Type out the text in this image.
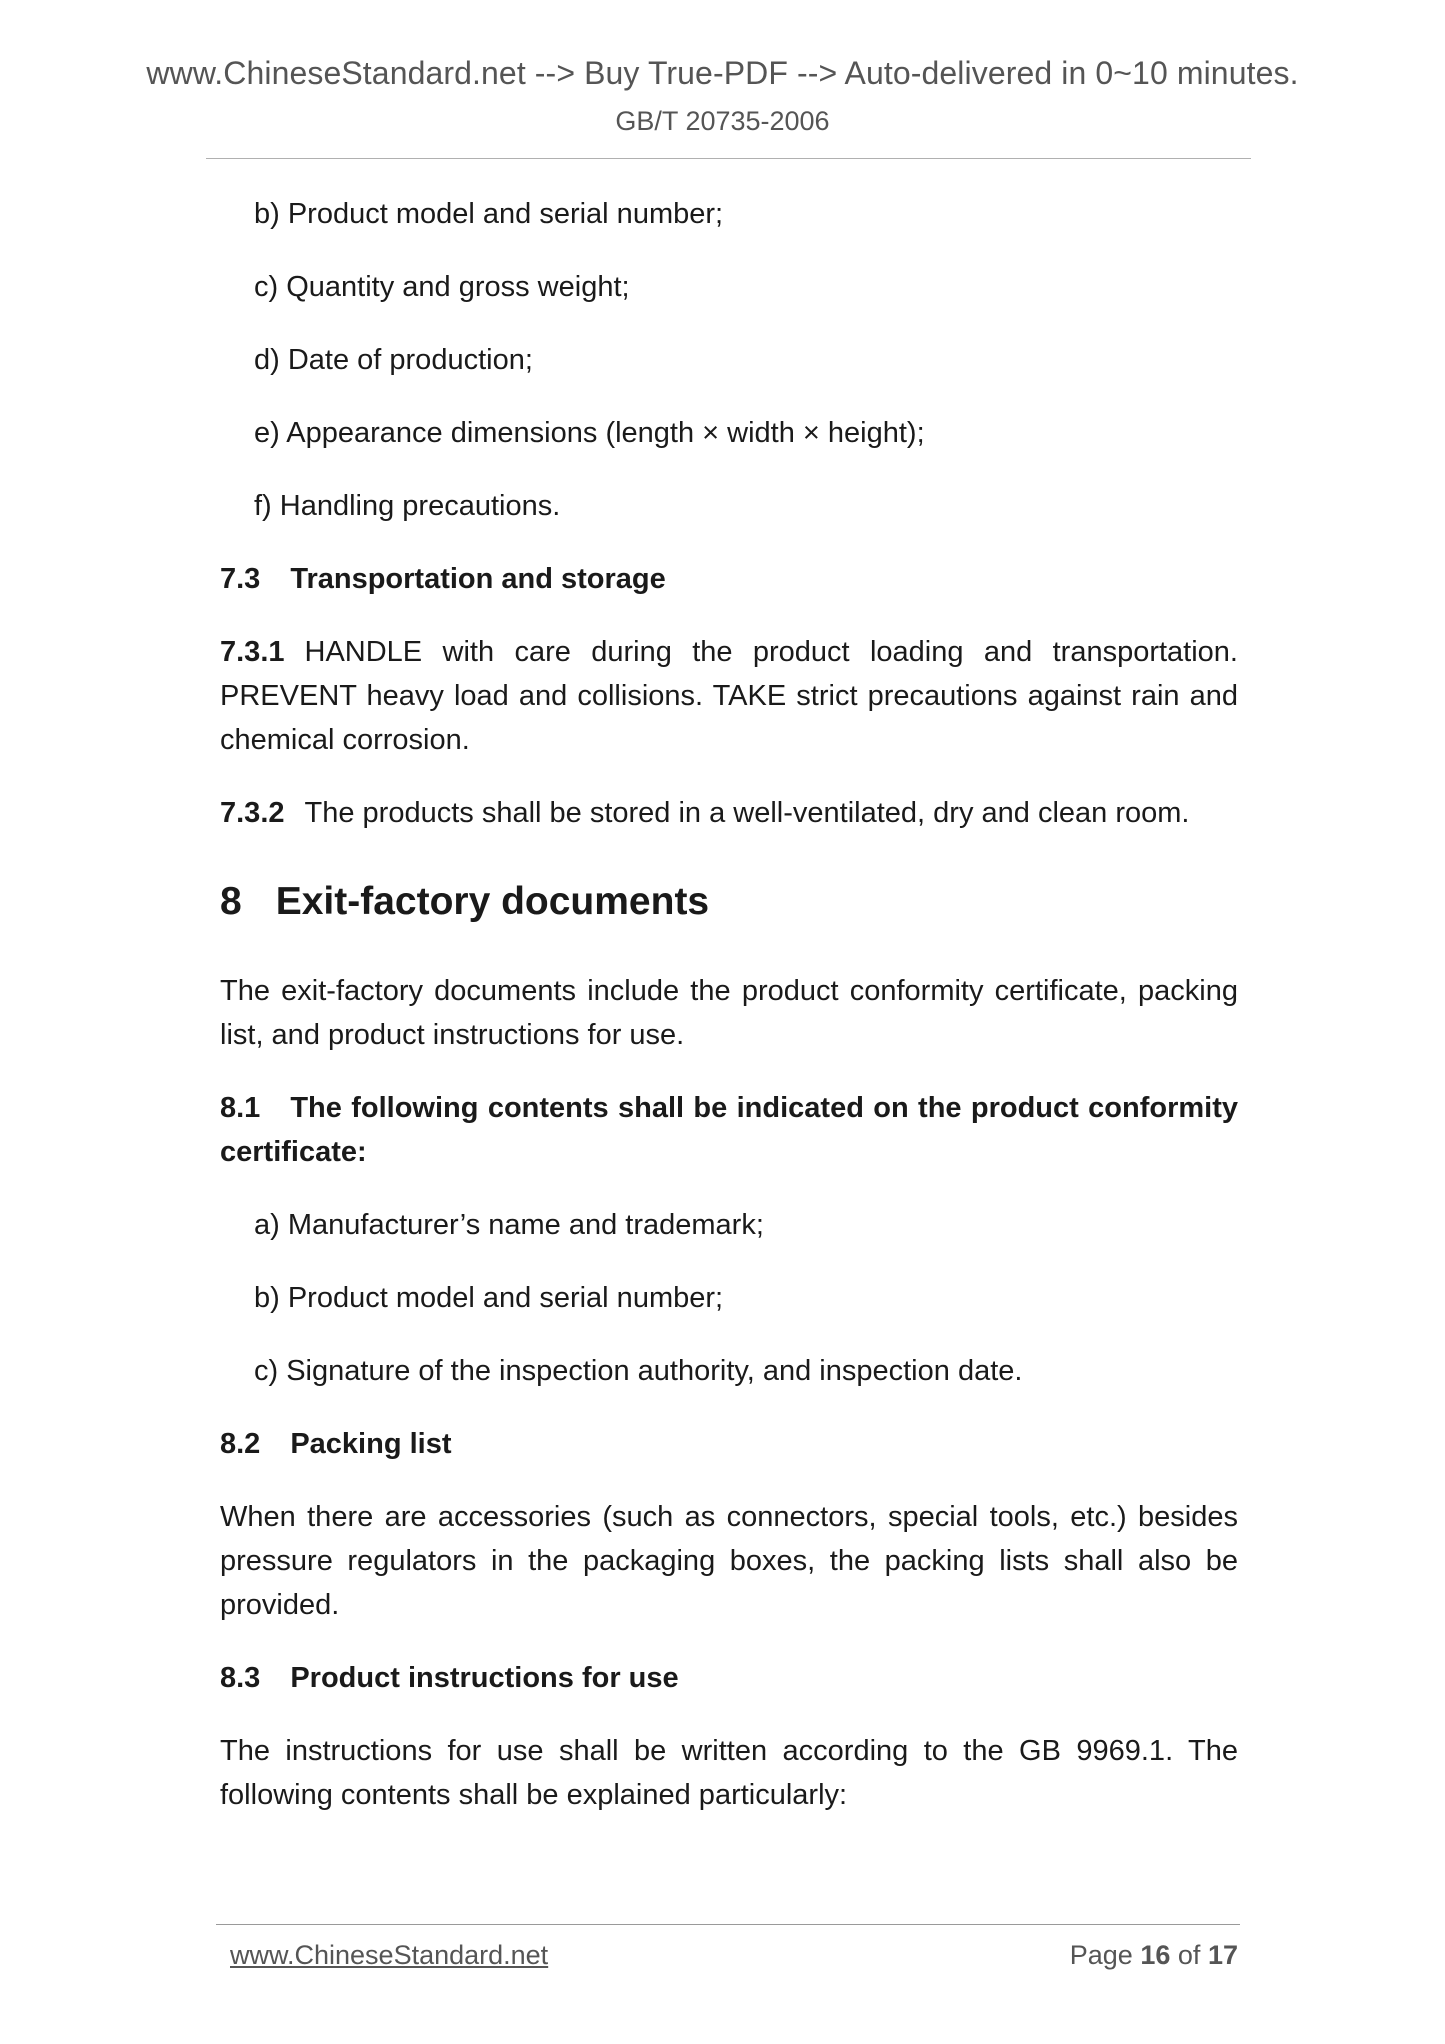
www.ChineseStandard.net --> Buy True-PDF --> Auto-delivered in 0~10 minutes.
GB/T 20735-2006
b) Product model and serial number;
c) Quantity and gross weight;
d) Date of production;
e) Appearance dimensions (length × width × height);
f) Handling precautions.
7.3 Transportation and storage
7.3.1 HANDLE with care during the product loading and transportation. PREVENT heavy load and collisions. TAKE strict precautions against rain and chemical corrosion.
7.3.2 The products shall be stored in a well-ventilated, dry and clean room.
8 Exit-factory documents
The exit-factory documents include the product conformity certificate, packing list, and product instructions for use.
8.1 The following contents shall be indicated on the product conformity certificate:
a) Manufacturer’s name and trademark;
b) Product model and serial number;
c) Signature of the inspection authority, and inspection date.
8.2 Packing list
When there are accessories (such as connectors, special tools, etc.) besides pressure regulators in the packaging boxes, the packing lists shall also be provided.
8.3 Product instructions for use
The instructions for use shall be written according to the GB 9969.1. The following contents shall be explained particularly:
www.ChineseStandard.net	Page 16 of 17
